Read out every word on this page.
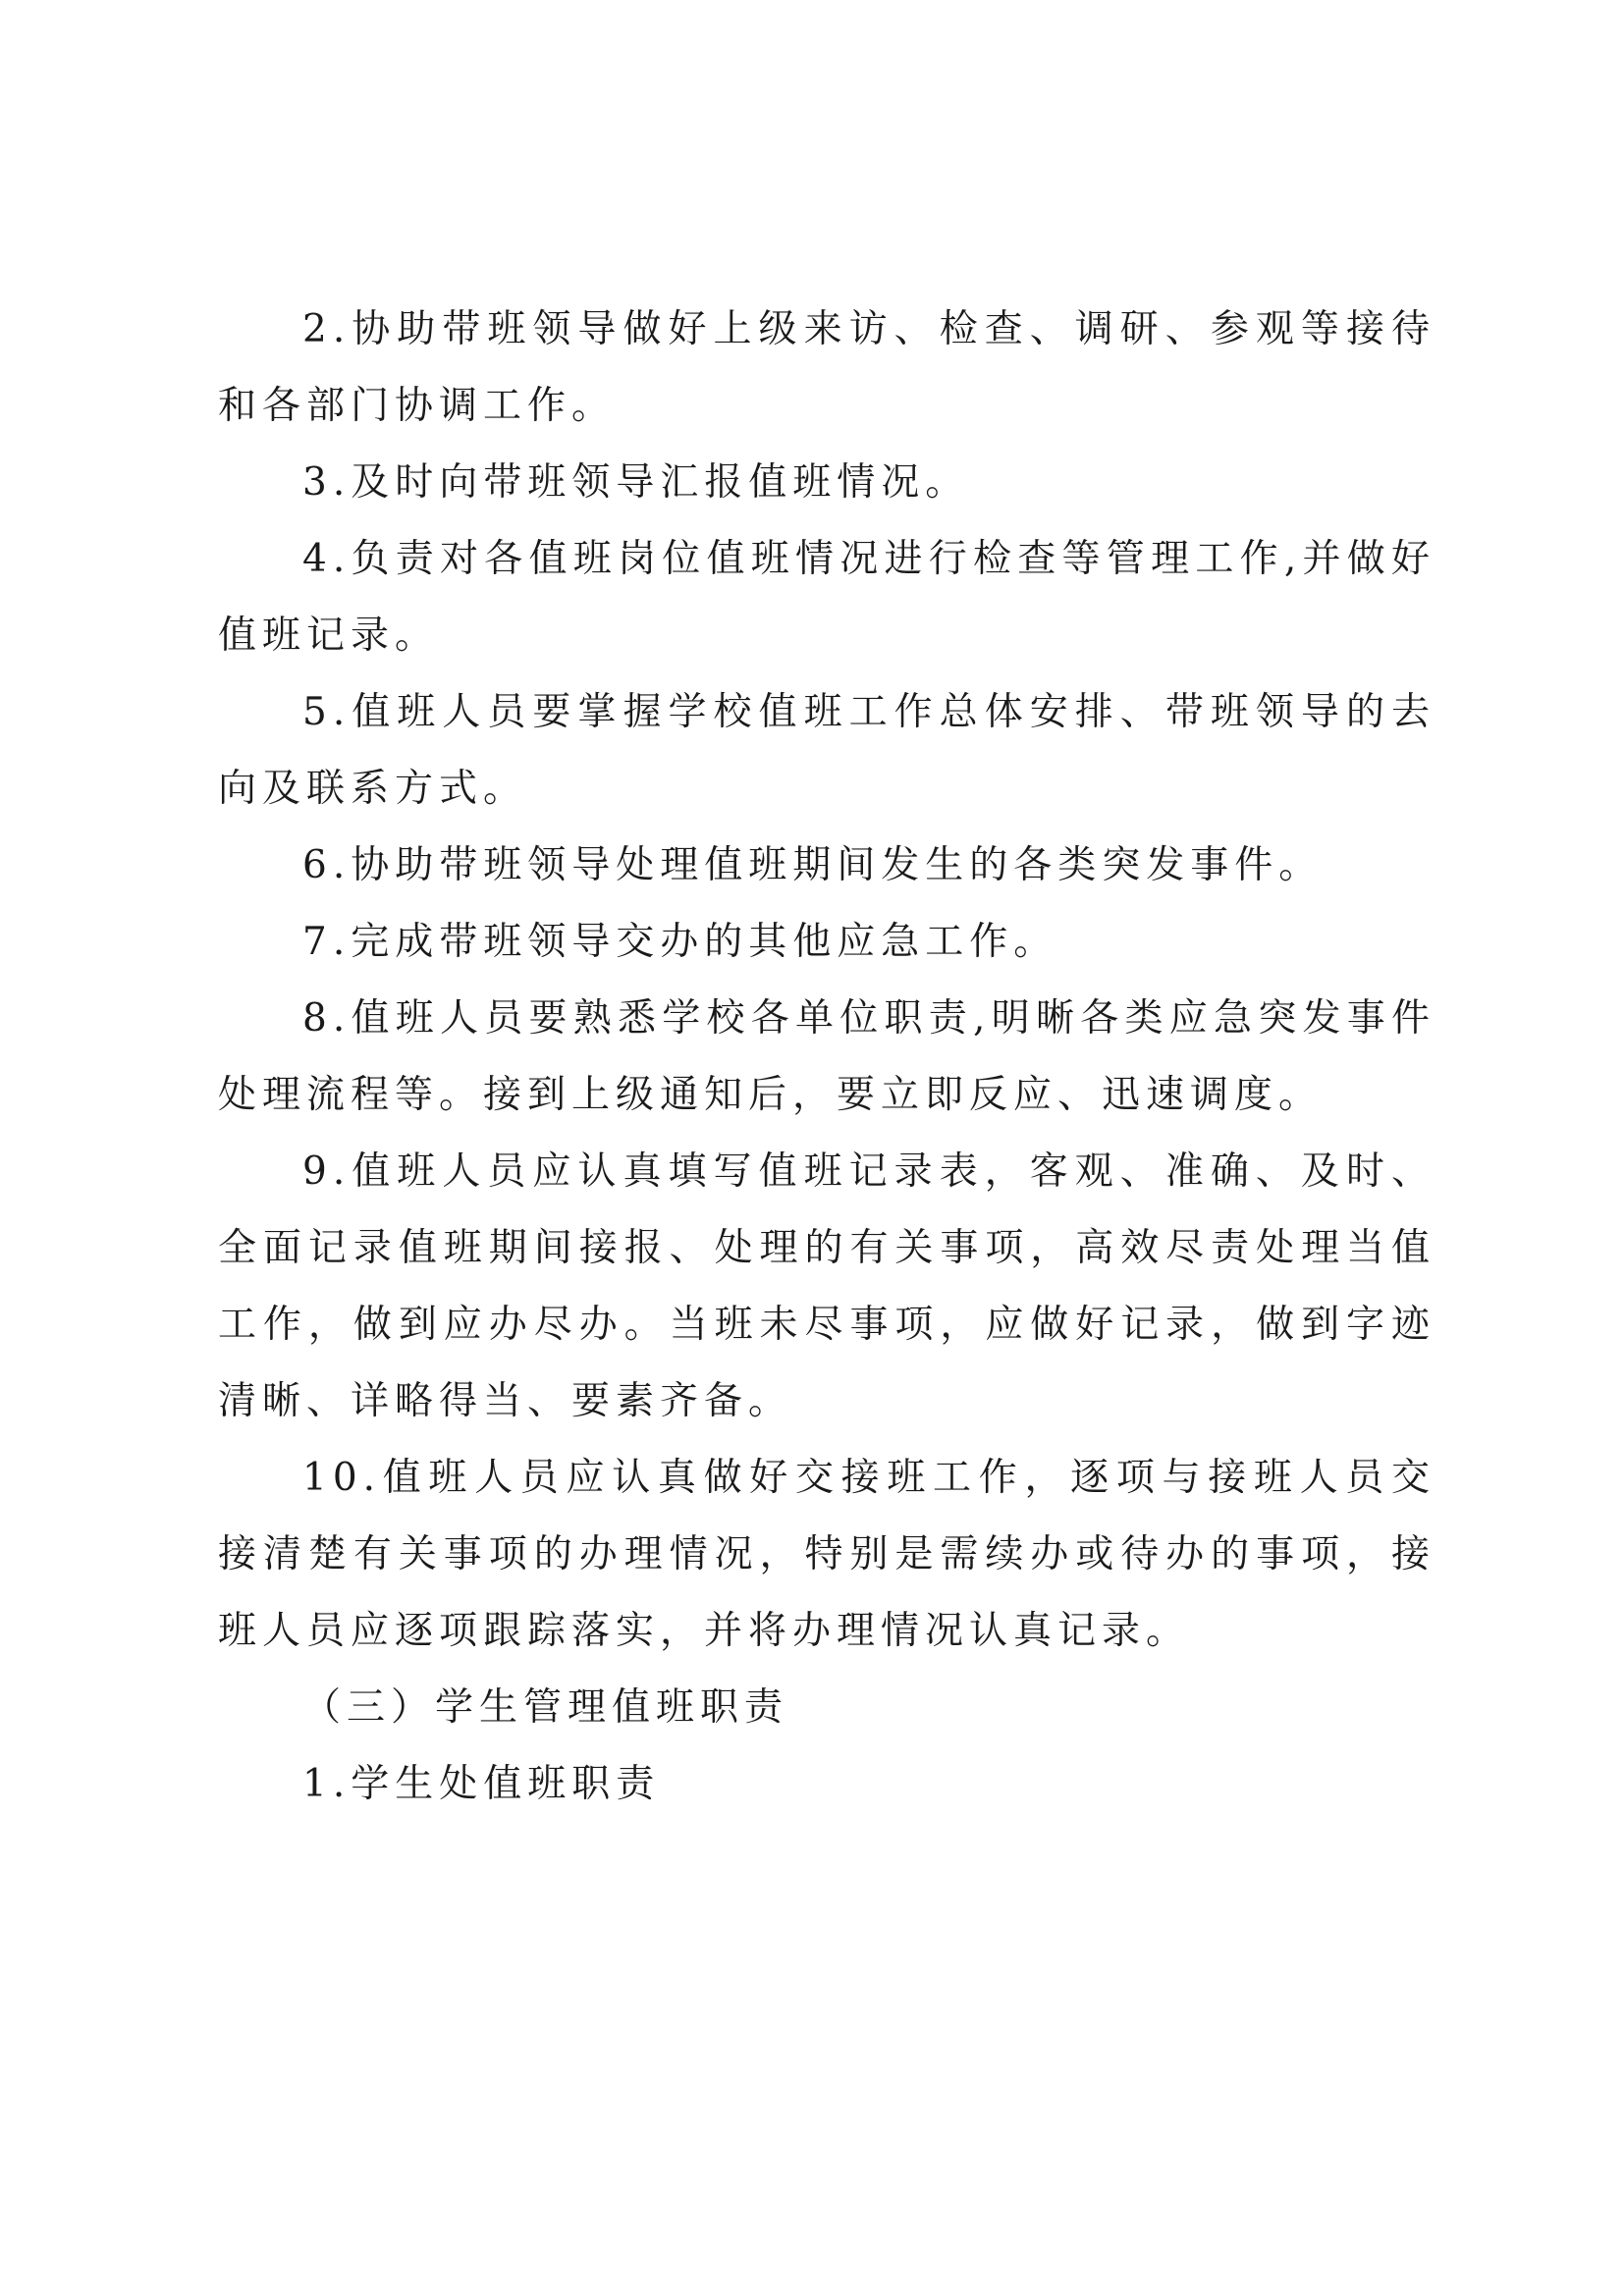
2.协助带班领导做好上级来访、检查、调研、参观等接待和各部门协调工作。

3.及时向带班领导汇报值班情况。

4.负责对各值班岗位值班情况进行检查等管理工作,并做好值班记录。

5.值班人员要掌握学校值班工作总体安排、带班领导的去向及联系方式。

6.协助带班领导处理值班期间发生的各类突发事件。

7.完成带班领导交办的其他应急工作。

8.值班人员要熟悉学校各单位职责,明晰各类应急突发事件处理流程等。接到上级通知后，要立即反应、迅速调度。

9.值班人员应认真填写值班记录表，客观、准确、及时、全面记录值班期间接报、处理的有关事项，高效尽责处理当值工作，做到应办尽办。当班未尽事项，应做好记录，做到字迹清晰、详略得当、要素齐备。

10.值班人员应认真做好交接班工作，逐项与接班人员交接清楚有关事项的办理情况，特别是需续办或待办的事项，接班人员应逐项跟踪落实，并将办理情况认真记录。

（三）学生管理值班职责

1.学生处值班职责
